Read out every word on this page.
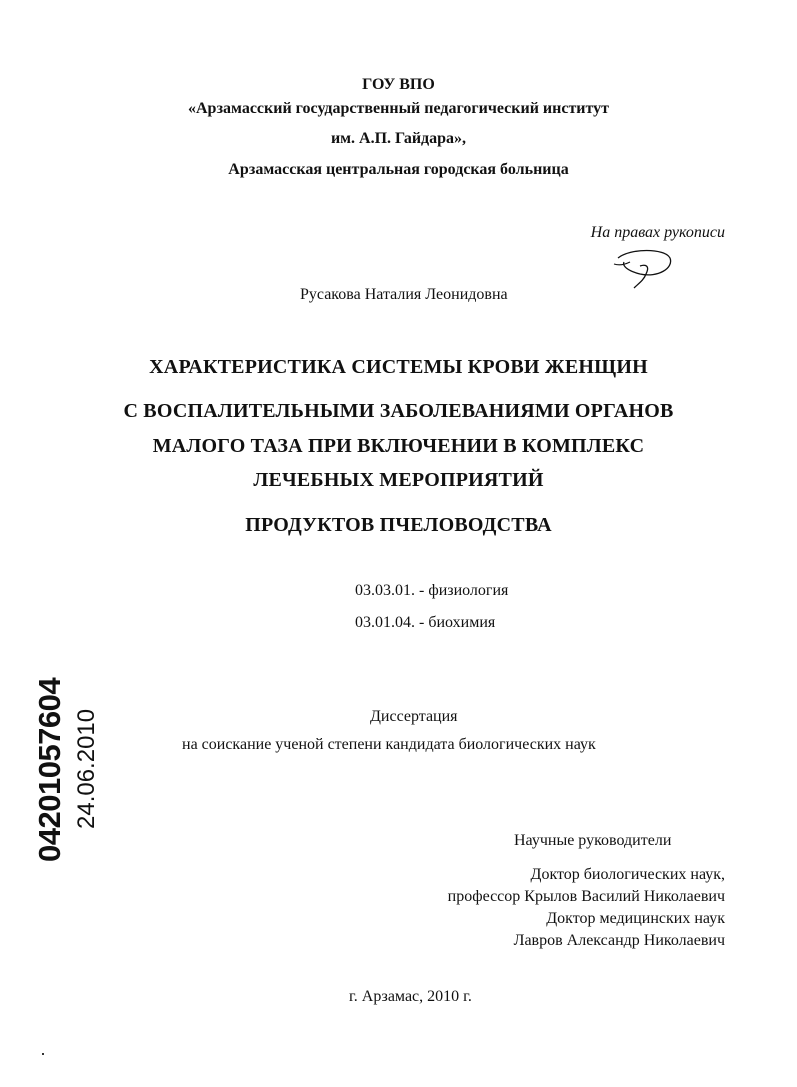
ГОУ ВПО
«Арзамасский государственный педагогический институт
им. А.П. Гайдара»,
Арзамасская центральная городская больница
На правах рукописи
Русакова Наталия Леонидовна
ХАРАКТЕРИСТИКА СИСТЕМЫ КРОВИ ЖЕНЩИН
С ВОСПАЛИТЕЛЬНЫМИ ЗАБОЛЕВАНИЯМИ ОРГАНОВ
МАЛОГО ТАЗА ПРИ ВКЛЮЧЕНИИ В КОМПЛЕКС
ЛЕЧЕБНЫХ МЕРОПРИЯТИЙ
ПРОДУКТОВ ПЧЕЛОВОДСТВА
03.03.01. - физиология
03.01.04. - биохимия
Диссертация
на соискание ученой степени кандидата биологических наук
Научные руководители
Доктор биологических наук,
профессор Крылов Василий Николаевич
Доктор медицинских наук
Лавров Александр Николаевич
г. Арзамас, 2010 г.
04201057604 24.06.2010
